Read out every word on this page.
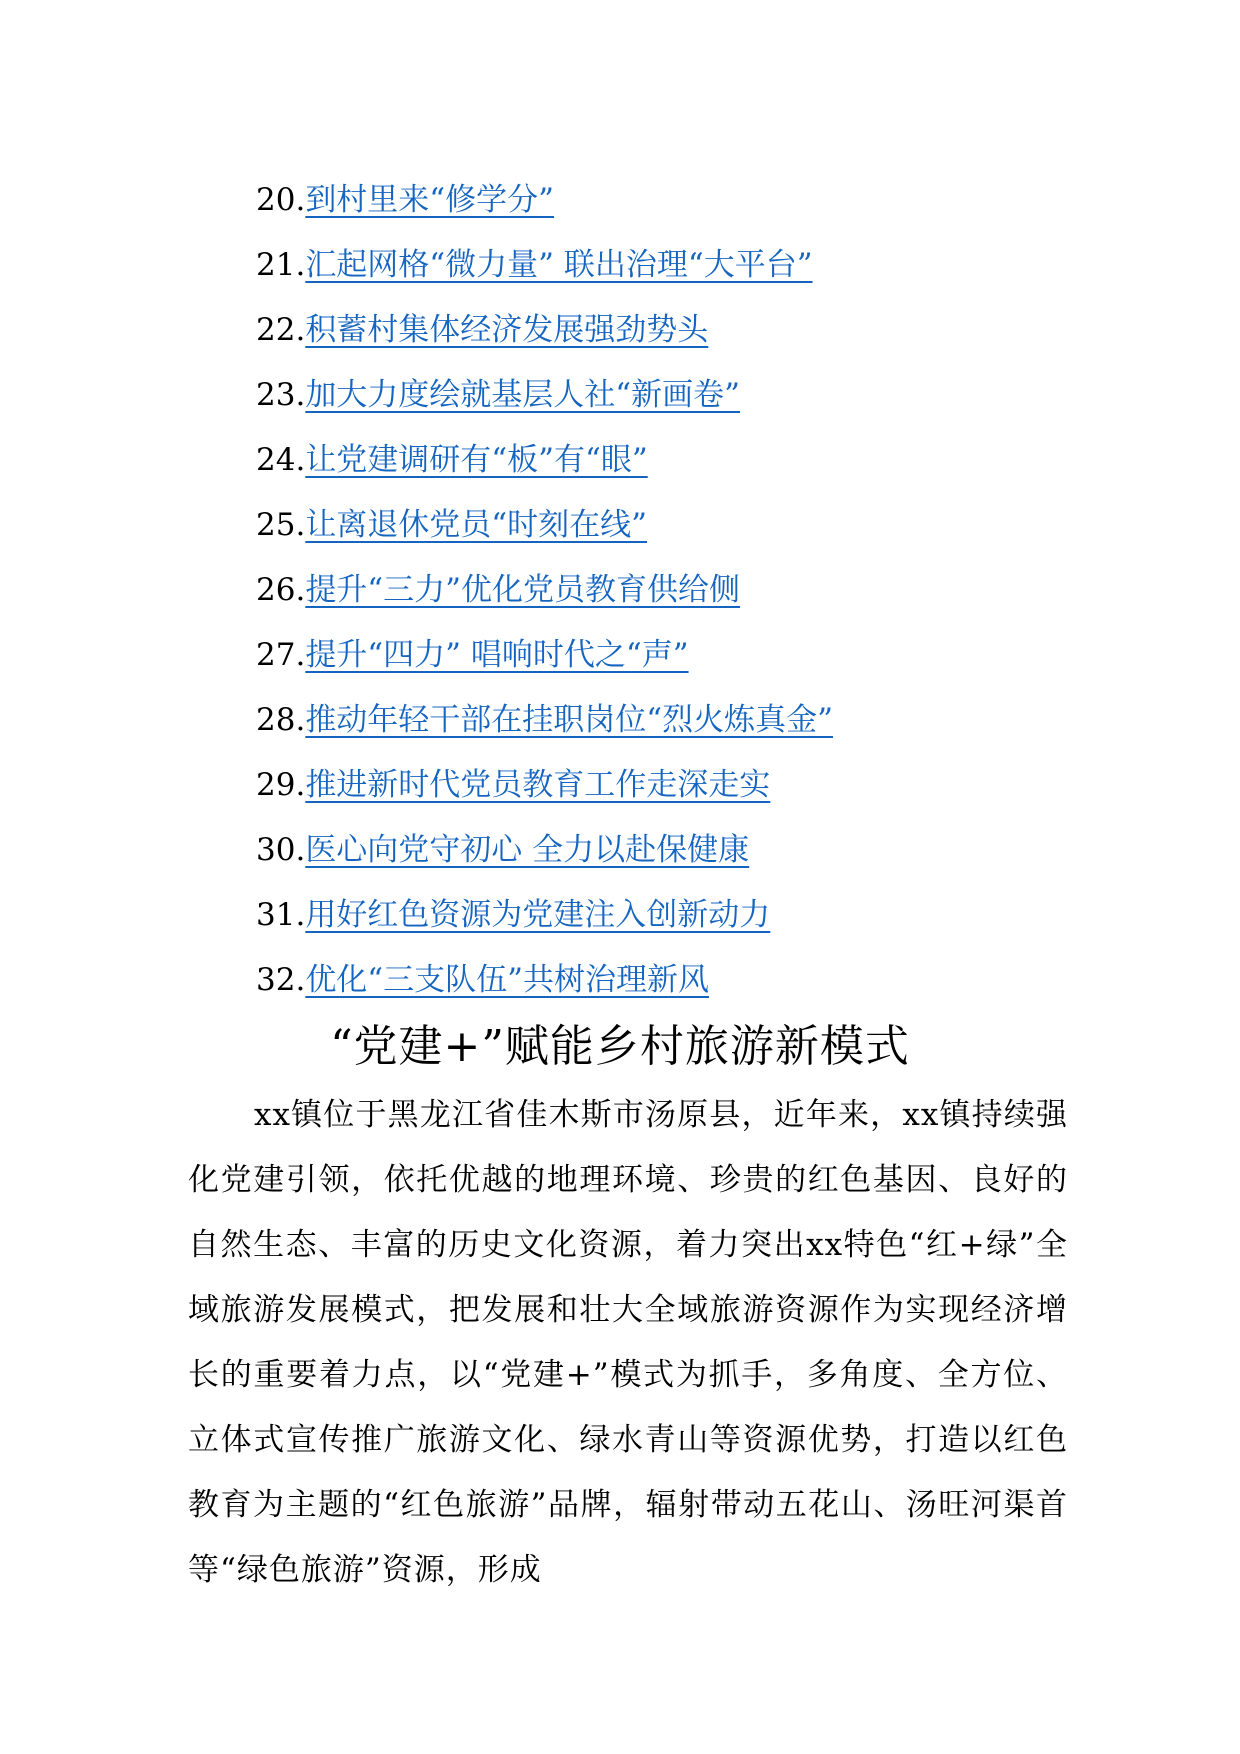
20.到村里来“修学分”
21.汇起网格“微力量” 联出治理“大平台”
22.积蓄村集体经济发展强劲势头
23.加大力度绘就基层人社“新画卷”
24.让党建调研有“板”有“眼”
25.让离退休党员“时刻在线”
26.提升“三力”优化党员教育供给侧
27.提升“四力” 唱响时代之“声”
28.推动年轻干部在挂职岗位“烈火炼真金”
29.推进新时代党员教育工作走深走实
30.医心向党守初心 全力以赴保健康
31.用好红色资源为党建注入创新动力
32.优化“三支队伍”共树治理新风
“党建+”赋能乡村旅游新模式

xx镇位于黑龙江省佳木斯市汤原县，近年来，xx镇持续强化党建引领，依托优越的地理环境、珍贵的红色基因、良好的自然生态、丰富的历史文化资源，着力突出xx特色“红+绿”全域旅游发展模式，把发展和壮大全域旅游资源作为实现经济增长的重要着力点，以“党建+”模式为抓手，多角度、全方位、立体式宣传推广旅游文化、绿水青山等资源优势，打造以红色教育为主题的“红色旅游”品牌，辐射带动五花山、汤旺河渠首等“绿色旅游”资源，形成
